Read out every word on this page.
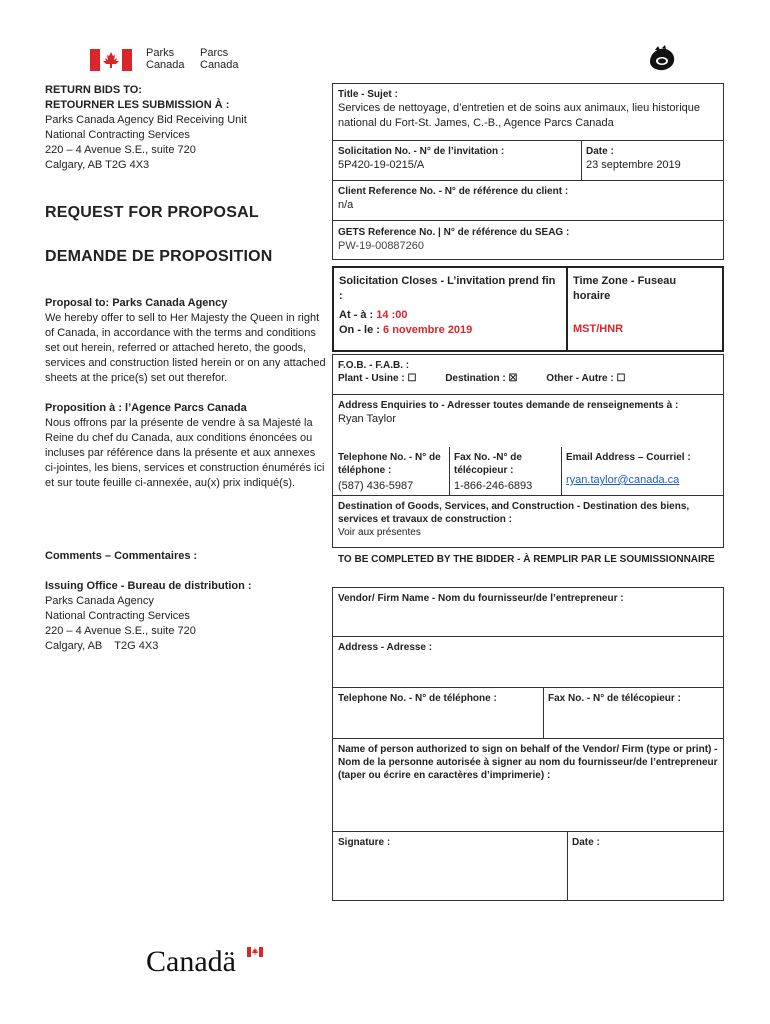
Parks
Canada
Parcs
Canada
RETURN BIDS TO:
RETOURNER LES SUBMISSION À :
Parks Canada Agency Bid Receiving Unit
National Contracting Services
220 – 4 Avenue S.E., suite 720
Calgary, AB T2G 4X3
REQUEST FOR PROPOSAL
DEMANDE DE PROPOSITION

Proposal to: Parks Canada Agency

We hereby offer to sell to Her Majesty the Queen in right of Canada, in accordance with the terms and conditions set out herein, referred or attached hereto, the goods, services and construction listed herein or on any attached sheets at the price(s) set out therefor.

Proposition à : l’Agence Parcs Canada

Nous offrons par la présente de vendre à sa Majesté la Reine du chef du Canada, aux conditions énoncées ou incluses par référence dans la présente et aux annexes ci-jointes, les biens, services et construction énumérés ici et sur toute feuille ci-annexée, au(x) prix indiqué(s).

Comments – Commentaires :
Issuing Office - Bureau de distribution :
Parks Canada Agency
National Contracting Services
220 – 4 Avenue S.E., suite 720
Calgary, AB    T2G 4X3
Title - Sujet :
Services de nettoyage, d’entretien et de soins aux animaux, lieu historique national du Fort-St. James, C.-B., Agence Parcs Canada
Solicitation No. - N° de l’invitation :
5P420-19-0215/A
Date :
23 septembre 2019
Client Reference No. - N° de référence du client :
n/a
GETS Reference No. | N° de référence du SEAG :
PW-19-00887260
Solicitation Closes - L’invitation prend fin :
At - à : 14 :00
On - le : 6 novembre 2019
Time Zone - Fuseau horaire
MST/HNR
F.O.B. - F.A.B. :
Plant - Usine : ☐	Destination : ☒	Other - Autre : ☐
Address Enquiries to - Adresser toutes demande de renseignements à :
Ryan Taylor
Telephone No. - N° de téléphone :
(587) 436-5987
Fax No. -N° de télécopieur :
1-866-246-6893
Email Address – Courriel :
ryan.taylor@canada.ca
Destination of Goods, Services, and Construction - Destination des biens, services et travaux de construction :
Voir aux présentes
TO BE COMPLETED BY THE BIDDER - À REMPLIR PAR LE SOUMISSIONNAIRE
Vendor/ Firm Name - Nom du fournisseur/de l’entrepreneur :
Address - Adresse :
Telephone No. - N° de téléphone :	Fax No. - N° de télécopieur :
Name of person authorized to sign on behalf of the Vendor/ Firm (type or print) - Nom de la personne autorisée à signer au nom du fournisseur/de l’entrepreneur (taper ou écrire en caractères d’imprimerie) :
Signature :	Date :
Canadä
